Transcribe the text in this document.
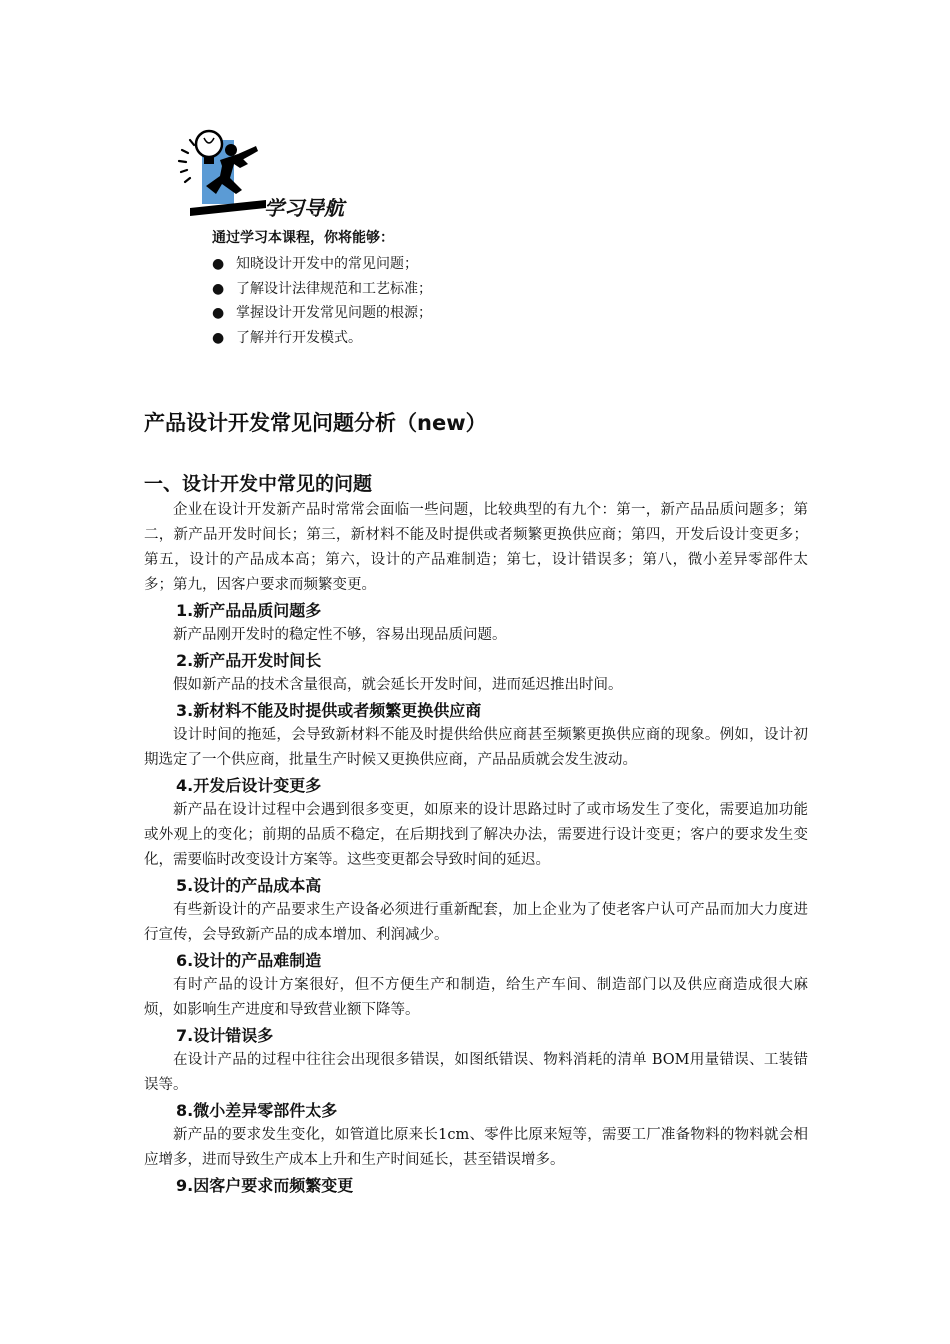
学习导航
通过学习本课程，你将能够：
● 知晓设计开发中的常见问题；
● 了解设计法律规范和工艺标准；
● 掌握设计开发常见问题的根源；
● 了解并行开发模式。
产品设计开发常见问题分析（new）
一、设计开发中常见的问题

企业在设计开发新产品时常常会面临一些问题，比较典型的有九个：第一，新产品品质问题多；第二，新产品开发时间长；第三，新材料不能及时提供或者频繁更换供应商；第四，开发后设计变更多；第五，设计的产品成本高；第六，设计的产品难制造；第七，设计错误多；第八，微小差异零部件太多；第九，因客户要求而频繁变更。

1.新产品品质问题多

新产品刚开发时的稳定性不够，容易出现品质问题。

2.新产品开发时间长

假如新产品的技术含量很高，就会延长开发时间，进而延迟推出时间。

3.新材料不能及时提供或者频繁更换供应商

设计时间的拖延，会导致新材料不能及时提供给供应商甚至频繁更换供应商的现象。例如，设计初期选定了一个供应商，批量生产时候又更换供应商，产品品质就会发生波动。

4.开发后设计变更多

新产品在设计过程中会遇到很多变更，如原来的设计思路过时了或市场发生了变化，需要追加功能或外观上的变化；前期的品质不稳定，在后期找到了解决办法，需要进行设计变更；客户的要求发生变化，需要临时改变设计方案等。这些变更都会导致时间的延迟。

5.设计的产品成本高

有些新设计的产品要求生产设备必须进行重新配套，加上企业为了使老客户认可产品而加大力度进行宣传，会导致新产品的成本增加、利润减少。

6.设计的产品难制造

有时产品的设计方案很好，但不方便生产和制造，给生产车间、制造部门以及供应商造成很大麻烦，如影响生产进度和导致营业额下降等。

7.设计错误多

在设计产品的过程中往往会出现很多错误，如图纸错误、物料消耗的清单 BOM用量错误、工装错误等。

8.微小差异零部件太多

新产品的要求发生变化，如管道比原来长1cm、零件比原来短等，需要工厂准备物料的物料就会相应增多，进而导致生产成本上升和生产时间延长，甚至错误增多。

9.因客户要求而频繁变更
